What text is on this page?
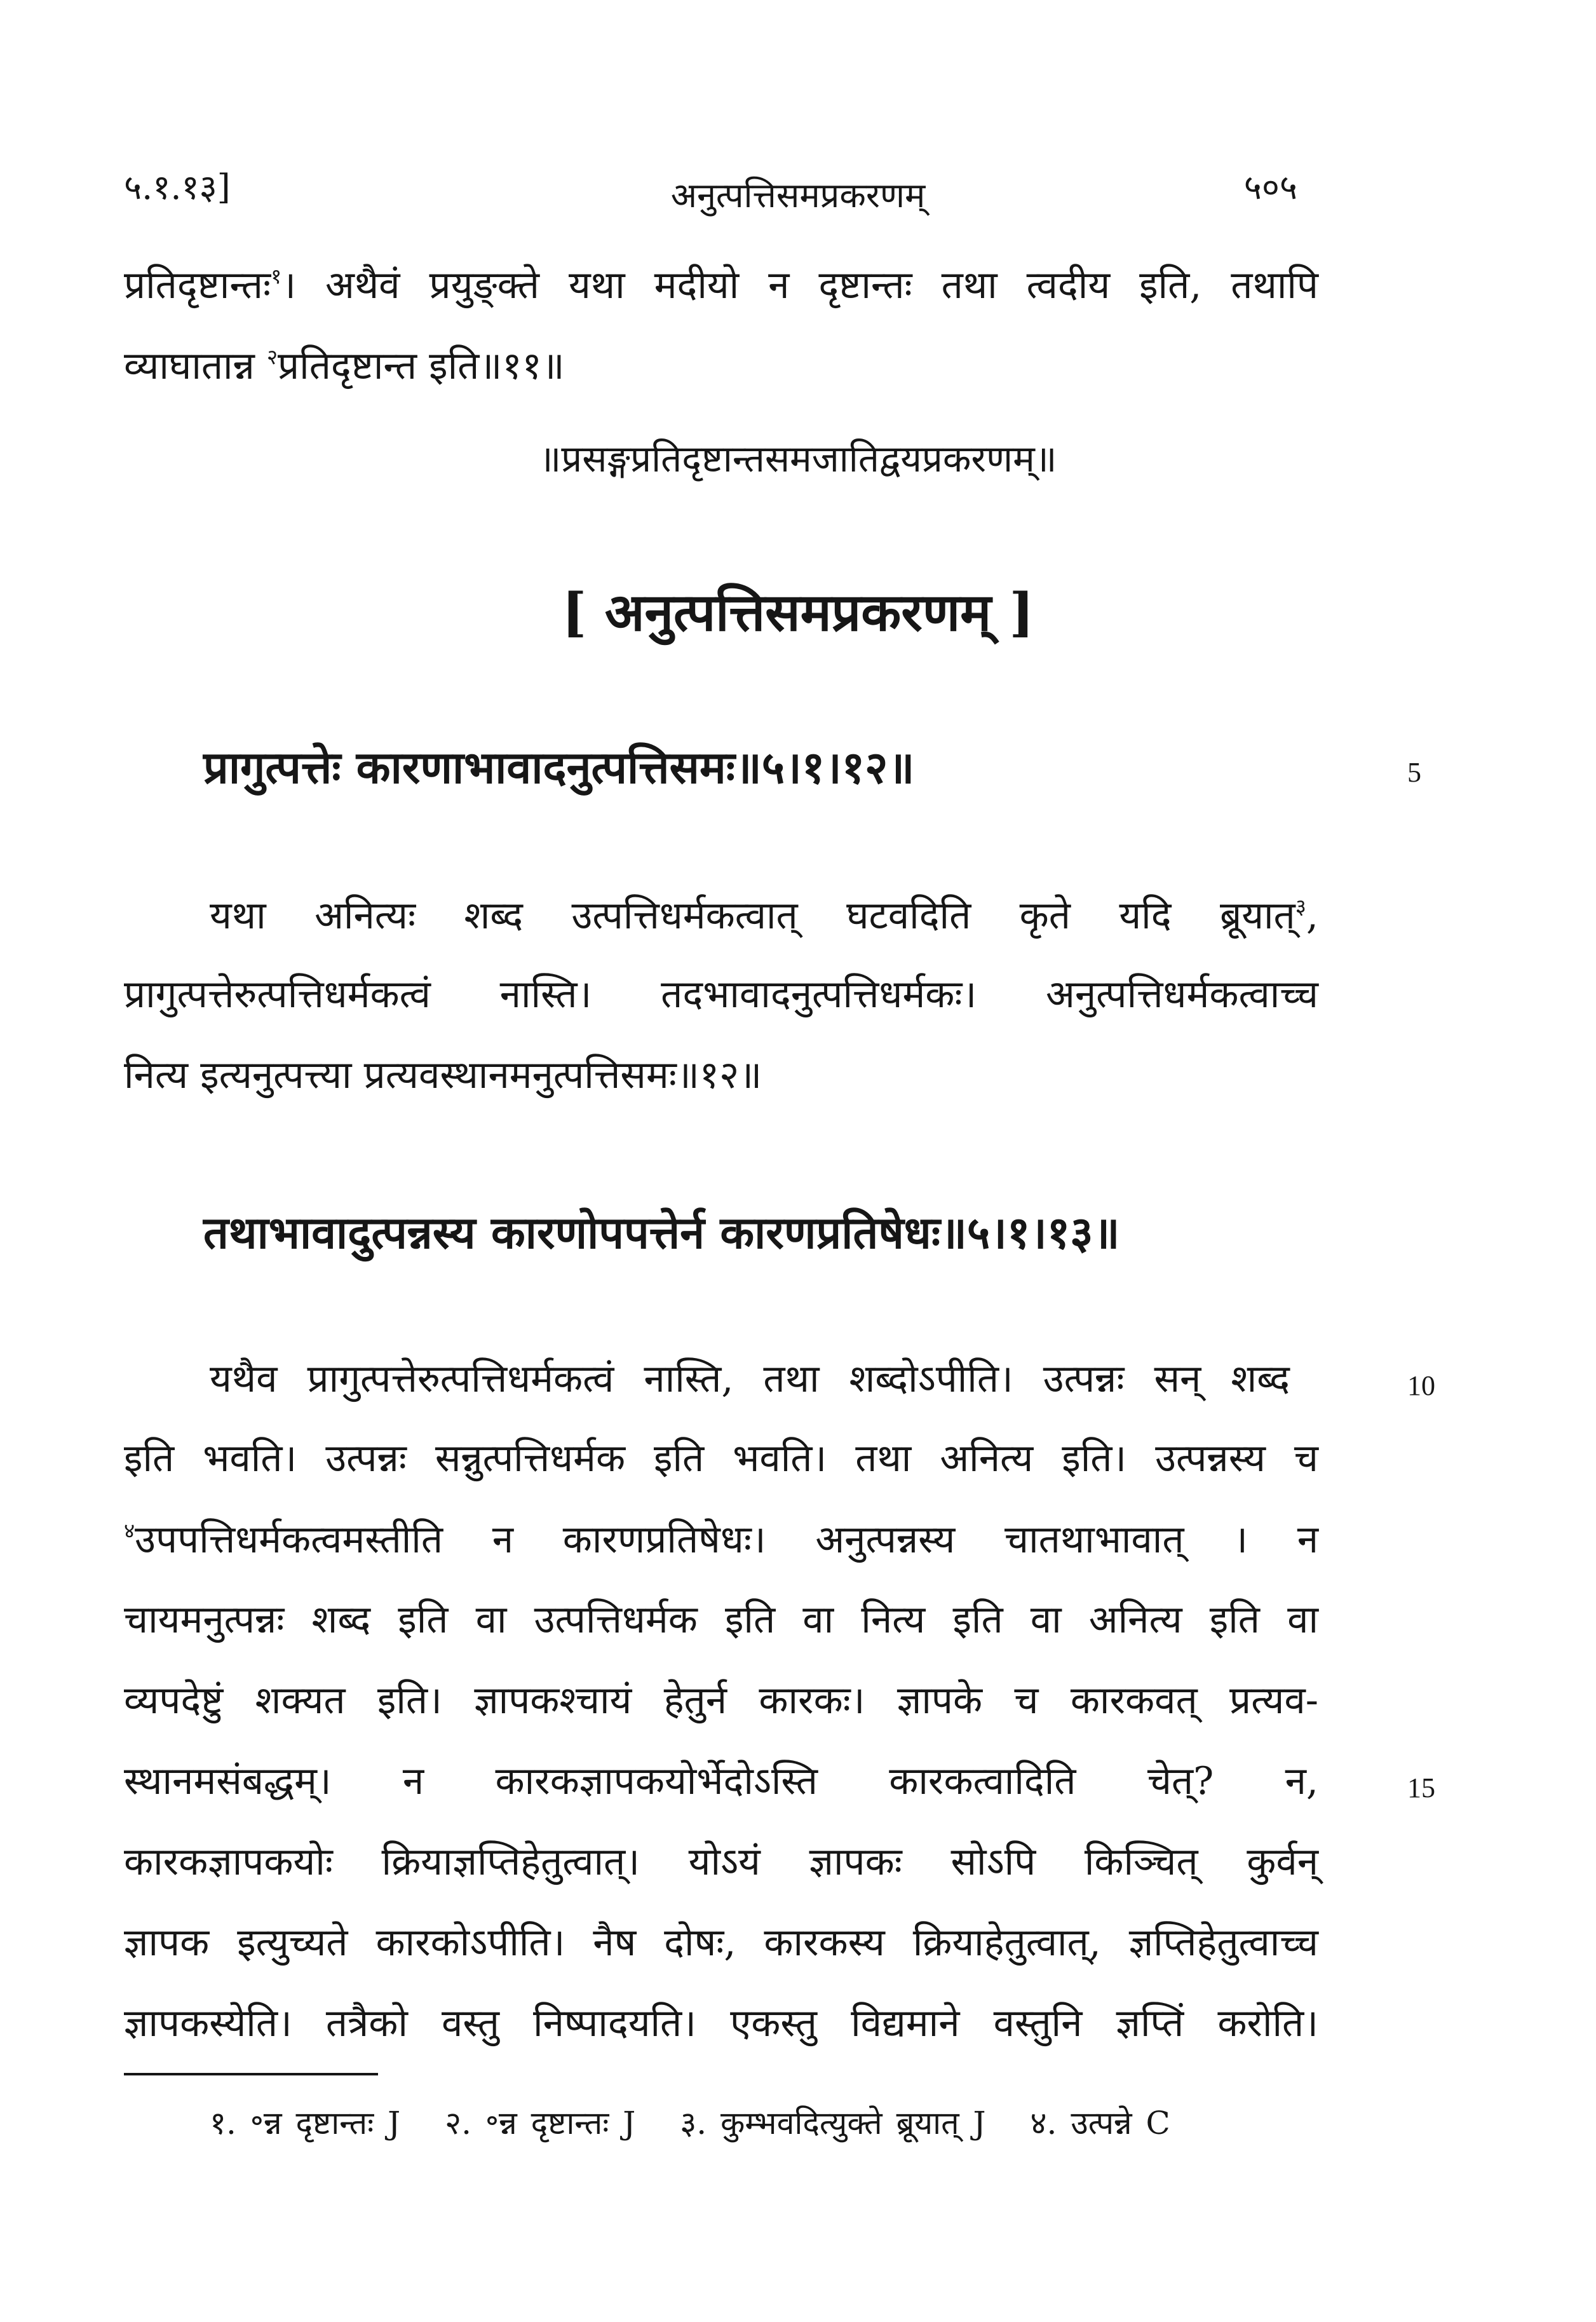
५.१.१३]	अनुत्पत्तिसमप्रकरणम्	५०५
प्रतिदृष्टान्तः$^१$। अथैवं प्रयुङ्क्ते यथा मदीयो न दृष्टान्तः तथा त्वदीय इति, तथापि
व्याघातान्न $^२$प्रतिदृष्टान्त इति॥११॥
॥प्रसङ्गप्रतिदृष्टान्तसमजातिद्वयप्रकरणम्॥
[ अनुत्पत्तिसमप्रकरणम् ]
प्रागुत्पत्तेः कारणाभावादनुत्पत्तिसमः॥५।१।१२॥	5
यथा अनित्यः शब्द उत्पत्तिधर्मकत्वात् घटवदिति कृते यदि ब्रूयात्$^३$,
प्रागुत्पत्तेरुत्पत्तिधर्मकत्वं नास्ति। तदभावादनुत्पत्तिधर्मकः। अनुत्पत्तिधर्मकत्वाच्च
नित्य इत्यनुत्पत्त्या प्रत्यवस्थानमनुत्पत्तिसमः॥१२॥
तथाभावादुत्पन्नस्य कारणोपपत्तेर्न कारणप्रतिषेधः॥५।१।१३॥
यथैव प्रागुत्पत्तेरुत्पत्तिधर्मकत्वं नास्ति, तथा शब्दोऽपीति। उत्पन्नः सन् शब्द	10
इति भवति। उत्पन्नः सन्नुत्पत्तिधर्मक इति भवति। तथा अनित्य इति। उत्पन्नस्य च
$^४$उपपत्तिधर्मकत्वमस्तीति न कारणप्रतिषेधः। अनुत्पन्नस्य चातथाभावात् । न
चायमनुत्पन्नः शब्द इति वा उत्पत्तिधर्मक इति वा नित्य इति वा अनित्य इति वा
व्यपदेष्टुं शक्यत इति। ज्ञापकश्चायं हेतुर्न कारकः। ज्ञापके च कारकवत् प्रत्यव-
स्थानमसंबद्धम्। न कारकज्ञापकयोर्भेदोऽस्ति कारकत्वादिति चेत्? न,	15
कारकज्ञापकयोः क्रियाज्ञप्तिहेतुत्वात्। योऽयं ज्ञापकः सोऽपि किञ्चित् कुर्वन्
ज्ञापक इत्युच्यते कारकोऽपीति। नैष दोषः, कारकस्य क्रियाहेतुत्वात्, ज्ञप्तिहेतुत्वाच्च
ज्ञापकस्येति। तत्रैको वस्तु निष्पादयति। एकस्तु विद्यमाने वस्तुनि ज्ञप्तिं करोति।
१. ॰न्न दृष्टान्तः J २. ॰न्न दृष्टान्तः J ३. कुम्भवदित्युक्ते ब्रूयात् J ४. उत्पन्ने C
